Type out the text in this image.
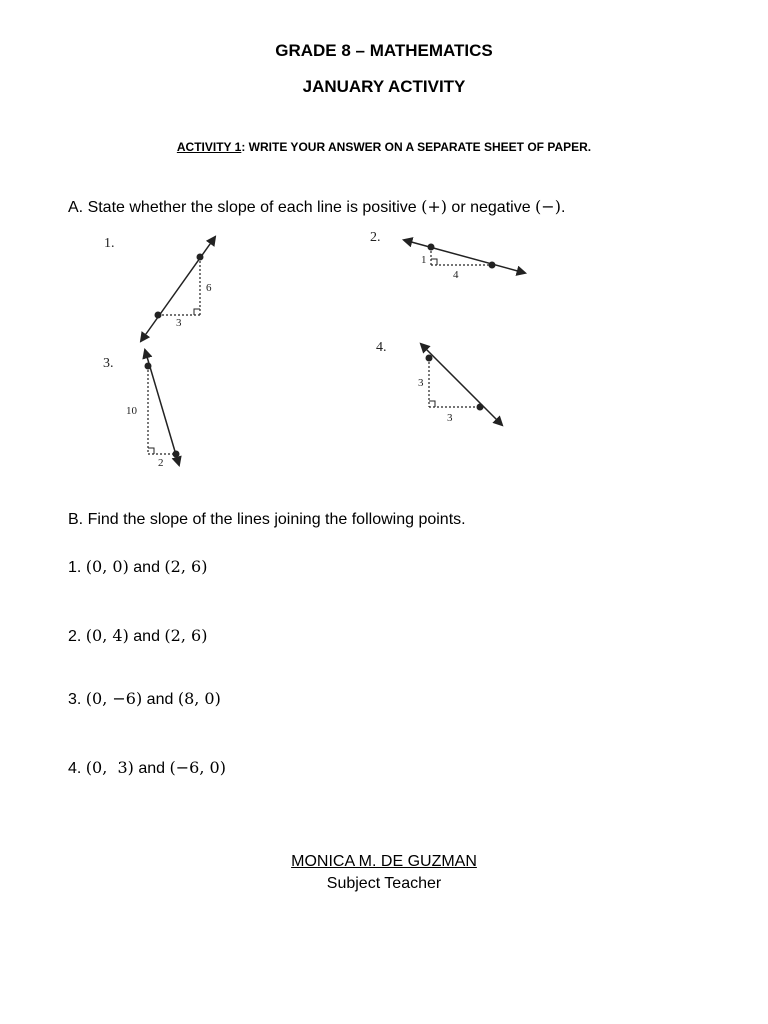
GRADE 8 – MATHEMATICS
JANUARY ACTIVITY
ACTIVITY 1: WRITE YOUR ANSWER ON A SEPARATE SHEET OF PAPER.
A. State whether the slope of each line is positive (+) or negative (−).
1.
6
3
2.
1
4
3.
10
2
4.
3
3
B. Find the slope of the lines joining the following points.
1. (0, 0) and (2, 6)
2. (0, 4) and (2, 6)
3. (0, −6) and (8, 0)
4. (0,  3) and (−6, 0)
MONICA M. DE GUZMAN
Subject Teacher
